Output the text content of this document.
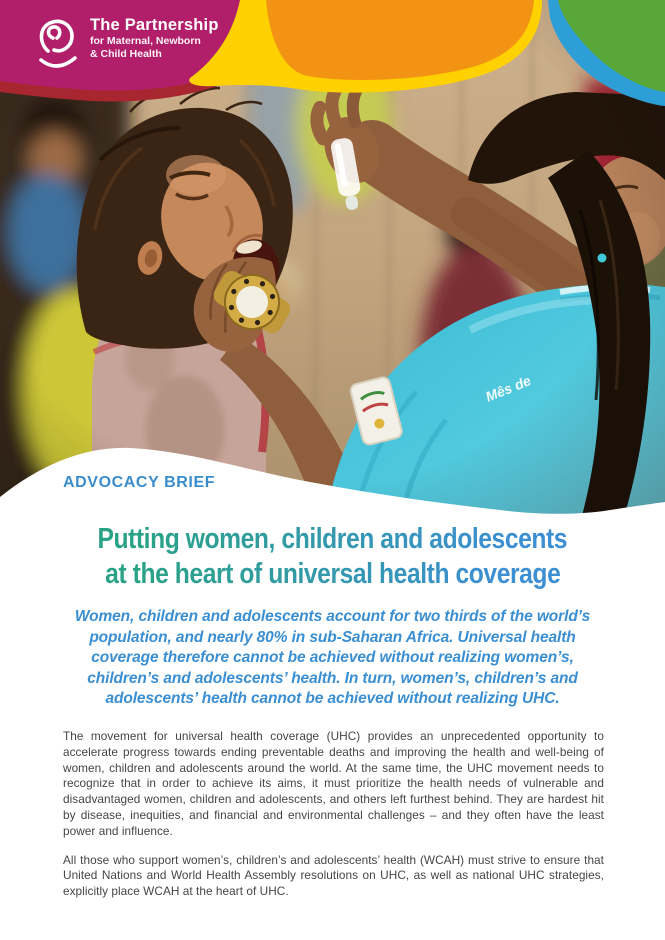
The Partnership
for Maternal, Newborn
& Child Health
ADVOCACY BRIEF
Putting women, children and adolescents
at the heart of universal health coverage
Women, children and adolescents account for two thirds of the world’s population, and nearly 80% in sub-Saharan Africa. Universal health coverage therefore cannot be achieved without realizing women’s, children’s and adolescents’ health. In turn, women’s, children’s and adolescents’ health cannot be achieved without realizing UHC.

The movement for universal health coverage (UHC) provides an unprecedented opportunity to accelerate progress towards ending preventable deaths and improving the health and well-being of women, children and adolescents around the world. At the same time, the UHC movement needs to recognize that in order to achieve its aims, it must prioritize the health needs of vulnerable and disadvantaged women, children and adolescents, and others left furthest behind. They are hardest hit by disease, inequities, and financial and environmental challenges – and they often have the least power and influence.

All those who support women’s, children’s and adolescents’ health (WCAH) must strive to ensure that United Nations and World Health Assembly resolutions on UHC, as well as national UHC strategies, explicitly place WCAH at the heart of UHC.
